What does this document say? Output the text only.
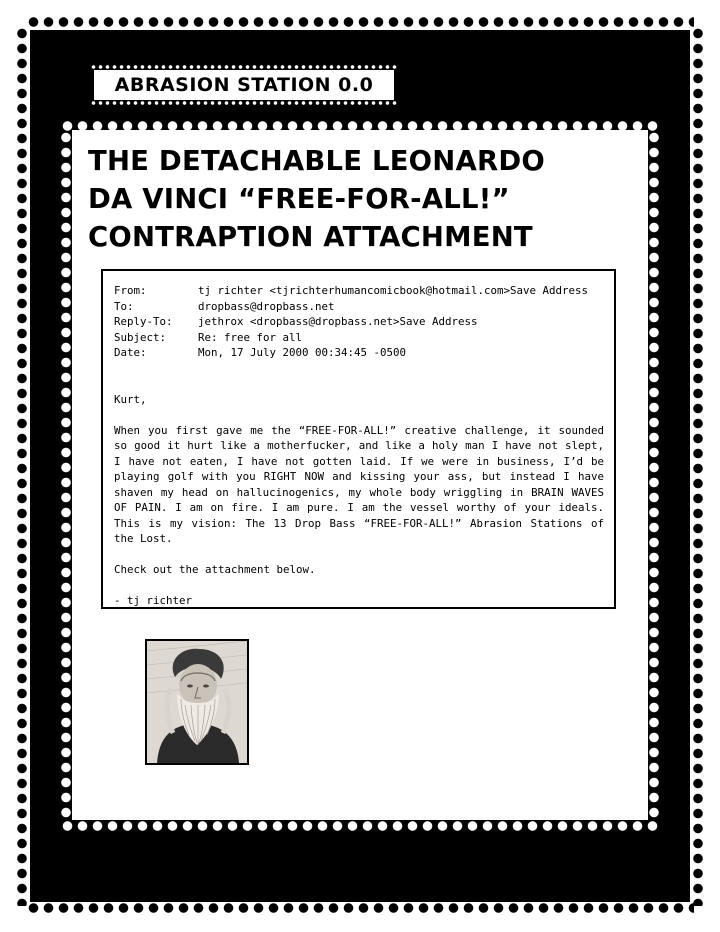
ABRASION STATION 0.0
THE DETACHABLE LEONARDO
DA VINCI “FREE-FOR-ALL!”
CONTRAPTION ATTACHMENT
From:	tj richter <tjrichterhumancomicbook@hotmail.com>Save Address
To:	dropbass@dropbass.net
Reply-To:	jethrox <dropbass@dropbass.net>Save Address
Subject:	Re: free for all
Date:	Mon, 17 July 2000 00:34:45 -0500

Kurt,

When you first gave me the “FREE-FOR-ALL!” creative challenge, it sounded so good it hurt like a motherfucker, and like a holy man I have not slept, I have not eaten, I have not gotten laid. If we were in business, I’d be playing golf with you RIGHT NOW and kissing your ass, but instead I have shaven my head on hallucinogenics, my whole body wriggling in BRAIN WAVES OF PAIN. I am on fire. I am pure. I am the vessel worthy of your ideals. This is my vision: The 13 Drop Bass “FREE-FOR-ALL!” Abrasion Stations of the Lost.

Check out the attachment below.

- tj richter
